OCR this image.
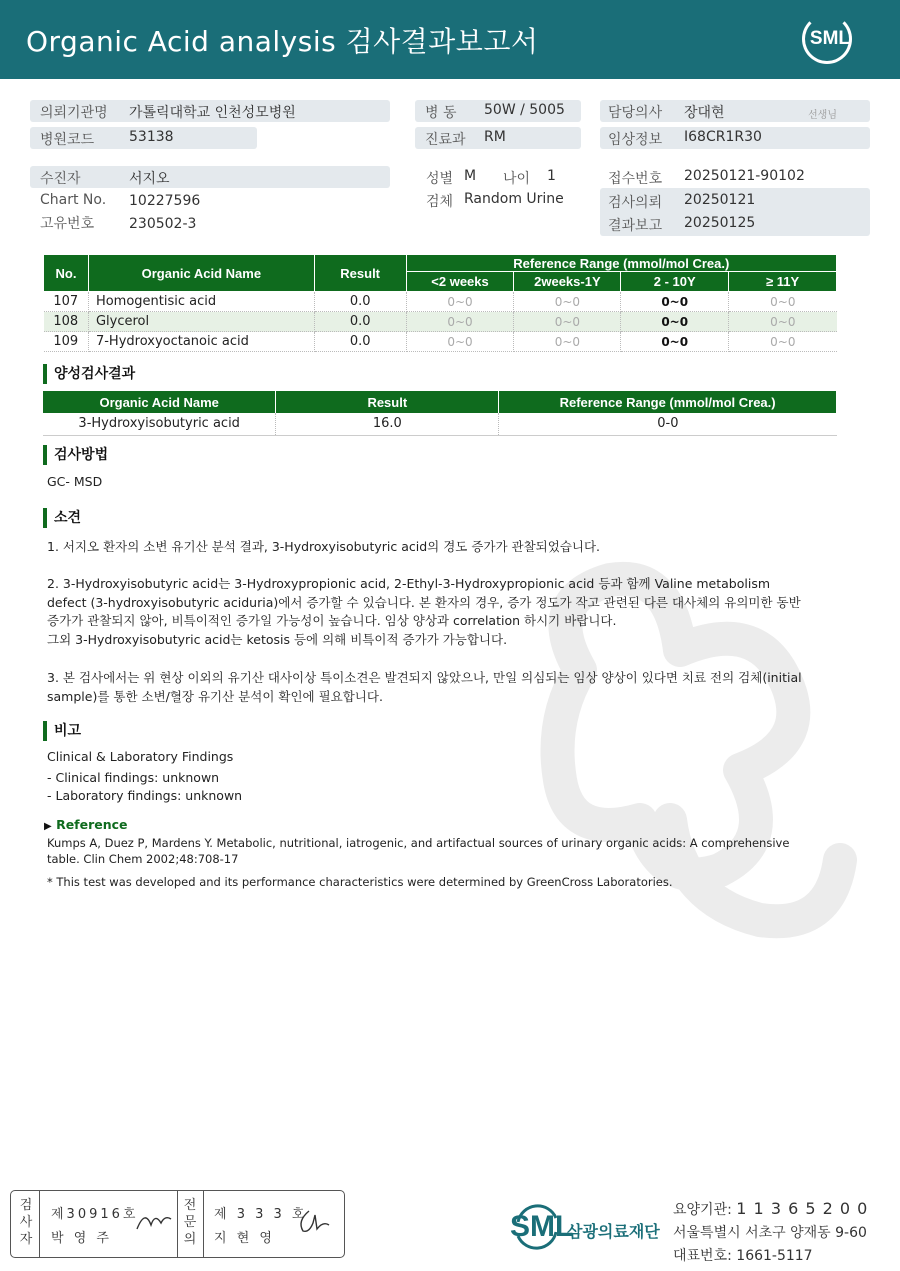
Organic Acid analysis 검사결과보고서	SML
의뢰기관명 가톨릭대학교 인천성모병원
병원코드 53138
병 동 50W / 5005
진료과 RM
담당의사 장대현	선생님
임상정보 I68CR1R30
수진자	서지오
Chart No. 10227596
고유번호 230502-3
성별 M 나이 1
검체 Random Urine
접수번호 20250121-90102
검사의뢰 20250121
결과보고 20250125
No.	Organic Acid Name	Result	Reference Range (mmol/mol Crea.)			
			<2 weeks	2weeks-1Y	2 - 10Y	≥ 11Y
107	Homogentisic acid	0.0	0~0	0~0	0~0	0~0
108	Glycerol	0.0	0~0	0~0	0~0	0~0
109	7-Hydroxyoctanoic acid	0.0	0~0	0~0	0~0	0~0
양성검사결과
Organic Acid Name	Result	Reference Range (mmol/mol Crea.)
3-Hydroxyisobutyric acid	16.0	0-0
검사방법
GC- MSD
소견
1. 서지오 환자의 소변 유기산 분석 결과, 3-Hydroxyisobutyric acid의 경도 증가가 관찰되었습니다.
2. 3-Hydroxyisobutyric acid는 3-Hydroxypropionic acid, 2-Ethyl-3-Hydroxypropionic acid 등과 함께 Valine metabolism
defect (3-hydroxyisobutyric aciduria)에서 증가할 수 있습니다. 본 환자의 경우, 증가 정도가 작고 관련된 다른 대사체의 유의미한 동반
증가가 관찰되지 않아, 비특이적인 증가일 가능성이 높습니다. 임상 양상과 correlation 하시기 바랍니다.
그외 3-Hydroxyisobutyric acid는 ketosis 등에 의해 비특이적 증가가 가능합니다.
3. 본 검사에서는 위 현상 이외의 유기산 대사이상 특이소견은 발견되지 않았으나, 만일 의심되는 임상 양상이 있다면 치료 전의 검체(initial
sample)를 통한 소변/혈장 유기산 분석이 확인에 필요합니다.
비고
Clinical & Laboratory Findings
- Clinical findings: unknown
- Laboratory findings: unknown
▶ Reference
Kumps A, Duez P, Mardens Y. Metabolic, nutritional, iatrogenic, and artifactual sources of urinary organic acids: A comprehensive
table. Clin Chem 2002;48:708-17
* This test was developed and its performance characteristics were determined by GreenCross Laboratories.
검사자
제30916호
박 영 주
전문의
제 3 3 3 호
지 현 영	SML
삼광의료재단
요양기관: 1 1 3 6 5 2 0 0
서울특별시 서초구 양재동 9-60
대표번호: 1661-5117
